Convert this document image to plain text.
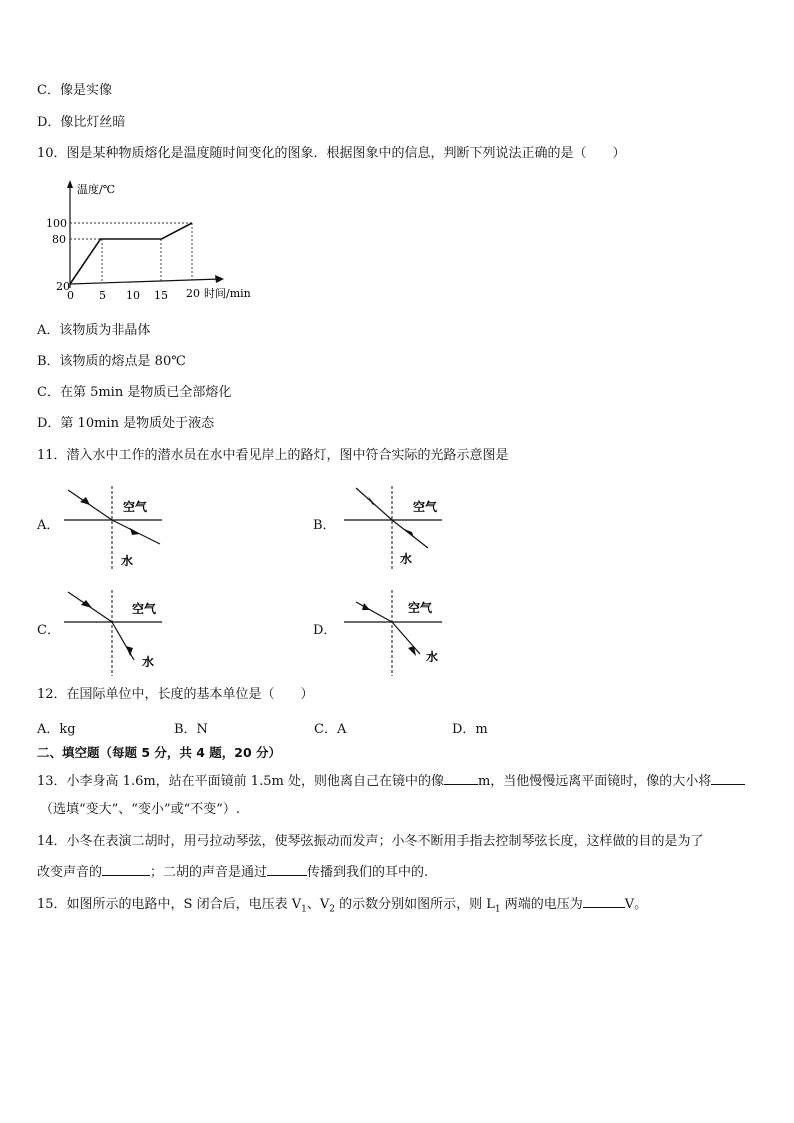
C．像是实像
D．像比灯丝暗
10．图是某种物质熔化是温度随时间变化的图象．根据图象中的信息，判断下列说法正确的是（　　）
温度/℃
100
80
20
0 5 10 15 20 时间/min
A．该物质为非晶体
B．该物质的熔点是 80℃
C．在第 5min 是物质已全部熔化
D．第 10min 是物质处于液态
11．潜入水中工作的潜水员在水中看见岸上的路灯，图中符合实际的光路示意图是
A．
空气
水
B．
空气
水
C．
空气
水
D．
空气
水
12．在国际单位中，长度的基本单位是（　　）
A．kg	B．N	C．A	D．m
二、填空题（每题 5 分，共 4 题，20 分）
13．小李身高 1.6m，站在平面镜前 1.5m 处，则他离自己在镜中的像	m，当他慢慢远离平面镜时，像的大小将
（选填“变大”、“变小”或“不变”）.
14．小冬在表演二胡时，用弓拉动琴弦，使琴弦振动而发声；小冬不断用手指去控制琴弦长度，这样做的目的是为了
改变声音的	；二胡的声音是通过	传播到我们的耳中的.
15．如图所示的电路中，S 闭合后，电压表 $V_1$、$V_2$ 的示数分别如图所示，则 $L_1$ 两端的电压为	V。
